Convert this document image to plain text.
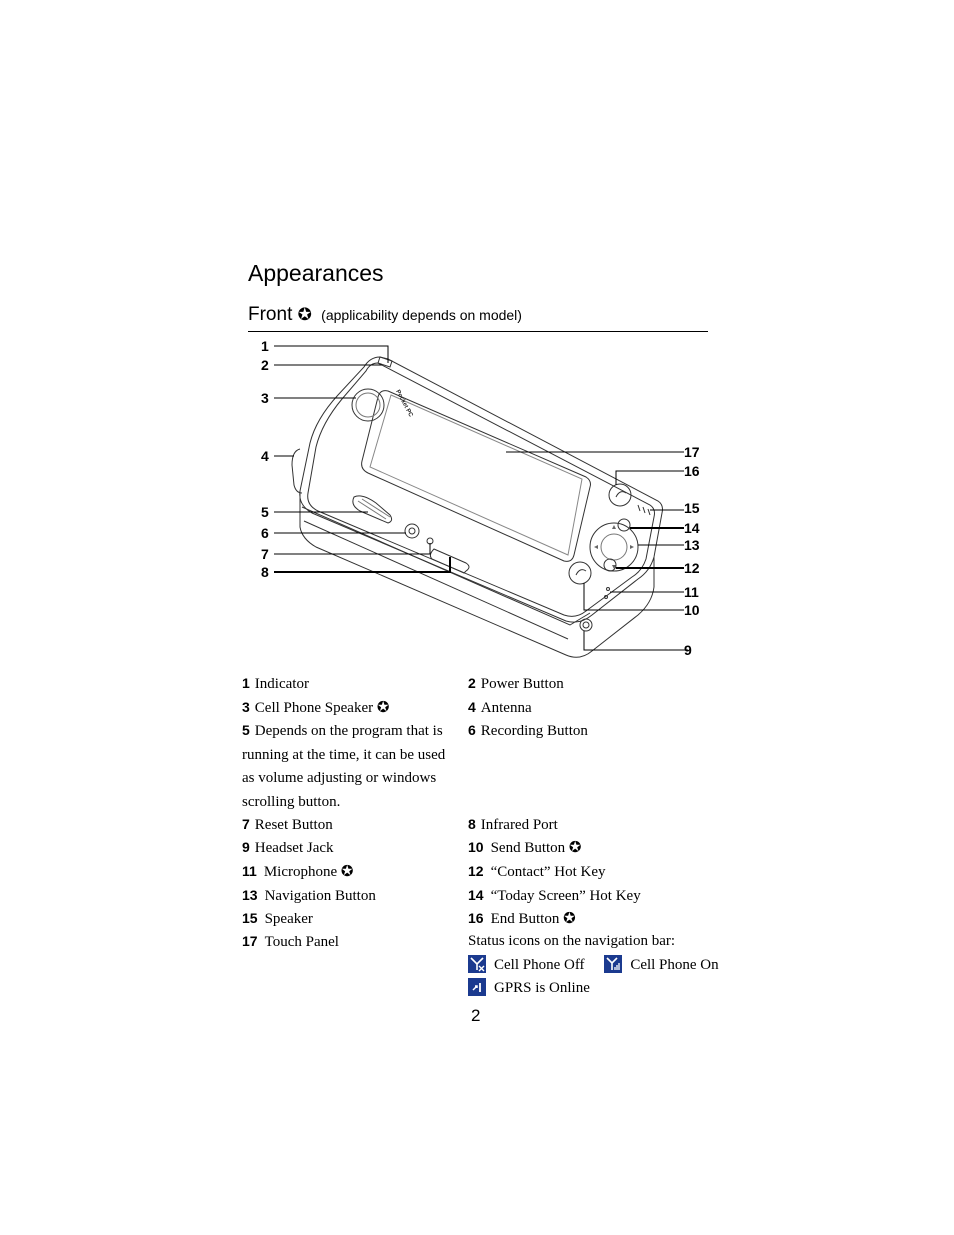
Appearances
Front ✪ (applicability depends on model)
Pocket PC
1
2
3
4
5
6
7
8
9
10
11
12
13
14
15
16
17
1 Indicator
3 Cell Phone Speaker ✪
5 Depends on the program that is running at the time, it can be used as volume adjusting or windows scrolling button.
7 Reset Button
9 Headset Jack
11 Microphone ✪
13 Navigation Button
15 Speaker
17 Touch Panel
2 Power Button
4 Antenna
6 Recording Button
8 Infrared Port
10 Send Button ✪
12 “Contact” Hot Key
14 “Today Screen” Hot Key
16 End Button ✪
Status icons on the navigation bar:
Cell Phone Off	Cell Phone On
GPRS is Online
2
